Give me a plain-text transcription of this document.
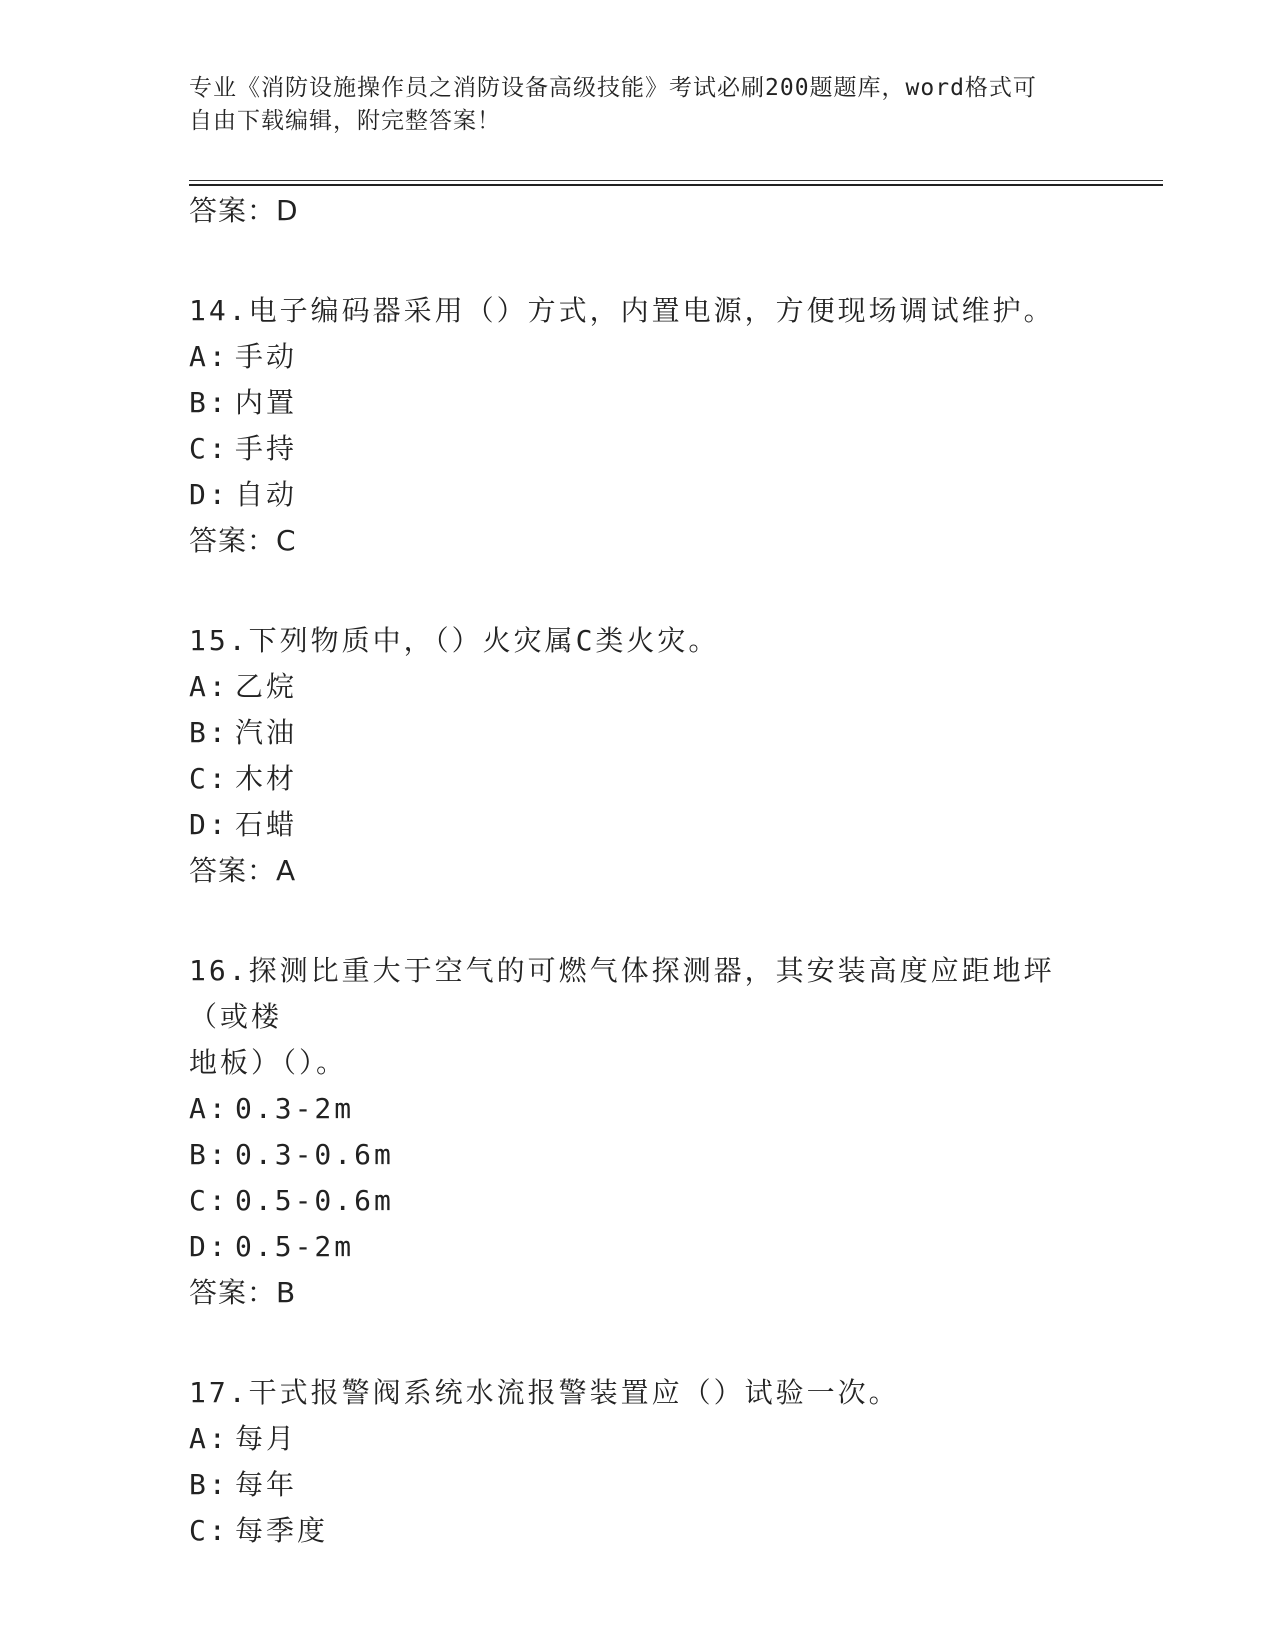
专业《消防设施操作员之消防设备高级技能》考试必刷200题题库，word格式可
自由下载编辑，附完整答案！
答案：D
14.电子编码器采用（）方式，内置电源，方便现场调试维护。
A: 手动
B: 内置
C: 手持
D: 自动
答案：C
15.下列物质中，（）火灾属C类火灾。
A: 乙烷
B: 汽油
C: 木材
D: 石蜡
答案：A
16.探测比重大于空气的可燃气体探测器，其安装高度应距地坪（或楼
地板）（）。
A: 0.3-2m
B: 0.3-0.6m
C: 0.5-0.6m
D: 0.5-2m
答案：B
17.干式报警阀系统水流报警装置应（）试验一次。
A: 每月
B: 每年
C: 每季度
